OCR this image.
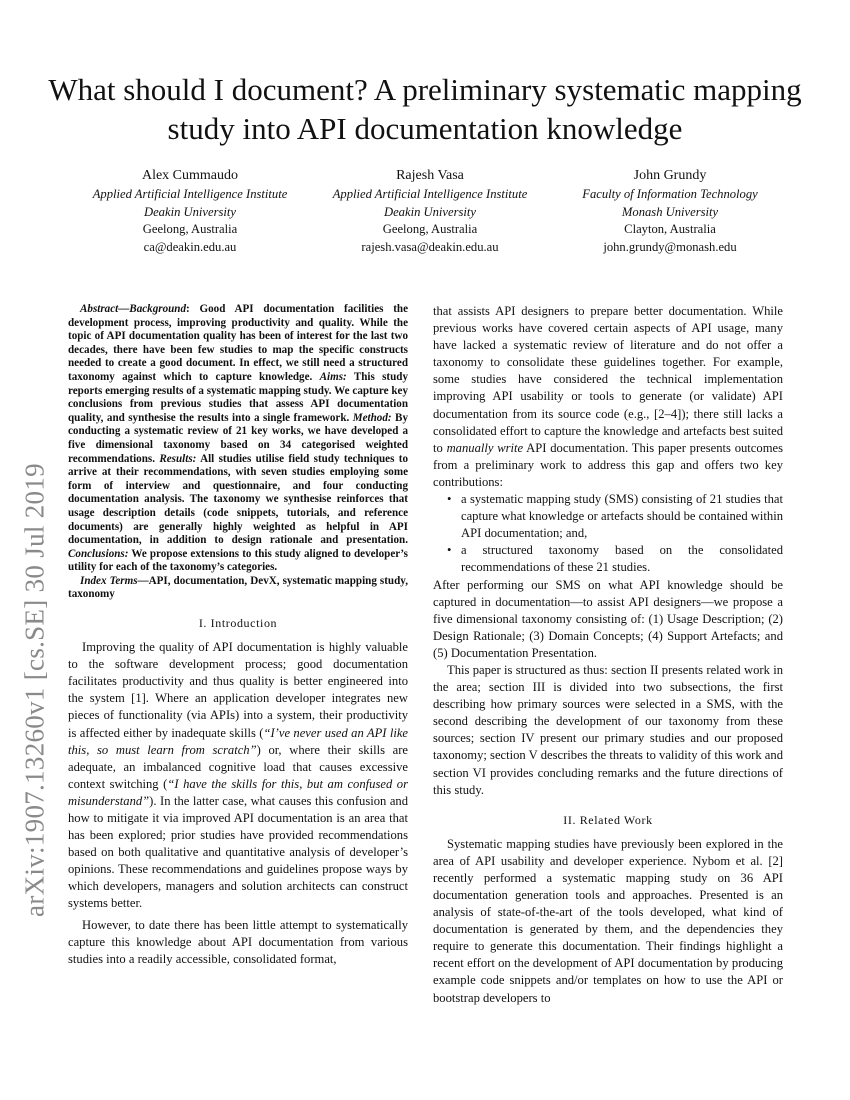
What should I document? A preliminary systematic mapping study into API documentation knowledge
Alex Cummaudo
Applied Artificial Intelligence Institute
Deakin University
Geelong, Australia
ca@deakin.edu.au
Rajesh Vasa
Applied Artificial Intelligence Institute
Deakin University
Geelong, Australia
rajesh.vasa@deakin.edu.au
John Grundy
Faculty of Information Technology
Monash University
Clayton, Australia
john.grundy@monash.edu
arXiv:1907.13260v1 [cs.SE] 30 Jul 2019

Abstract—Background: Good API documentation facilities the development process, improving productivity and quality. While the topic of API documentation quality has been of interest for the last two decades, there have been few studies to map the specific constructs needed to create a good document. In effect, we still need a structured taxonomy against which to capture knowledge. Aims: This study reports emerging results of a systematic mapping study. We capture key conclusions from previous studies that assess API documentation quality, and synthesise the results into a single framework. Method: By conducting a systematic review of 21 key works, we have developed a five dimensional taxonomy based on 34 categorised weighted recommendations. Results: All studies utilise field study techniques to arrive at their recommendations, with seven studies employing some form of interview and questionnaire, and four conducting documentation analysis. The taxonomy we synthesise reinforces that usage description details (code snippets, tutorials, and reference documents) are generally highly weighted as helpful in API documentation, in addition to design rationale and presentation. Conclusions: We propose extensions to this study aligned to developer’s utility for each of the taxonomy’s categories.

Index Terms—API, documentation, DevX, systematic mapping study, taxonomy

I. Introduction

Improving the quality of API documentation is highly valuable to the software development process; good documentation facilitates productivity and thus quality is better engineered into the system [1]. Where an application developer integrates new pieces of functionality (via APIs) into a system, their productivity is affected either by inadequate skills (“I’ve never used an API like this, so must learn from scratch”) or, where their skills are adequate, an imbalanced cognitive load that causes excessive context switching (“I have the skills for this, but am confused or misunderstand”). In the latter case, what causes this confusion and how to mitigate it via improved API documentation is an area that has been explored; prior studies have provided recommendations based on both qualitative and quantitative analysis of developer’s opinions. These recommendations and guidelines propose ways by which developers, managers and solution architects can construct systems better.

However, to date there has been little attempt to systematically capture this knowledge about API documentation from various studies into a readily accessible, consolidated format,

that assists API designers to prepare better documentation. While previous works have covered certain aspects of API usage, many have lacked a systematic review of literature and do not offer a taxonomy to consolidate these guidelines together. For example, some studies have considered the technical implementation improving API usability or tools to generate (or validate) API documentation from its source code (e.g., [2–4]); there still lacks a consolidated effort to capture the knowledge and artefacts best suited to manually write API documentation. This paper presents outcomes from a preliminary work to address this gap and offers two key contributions:

• a systematic mapping study (SMS) consisting of 21 studies that capture what knowledge or artefacts should be contained within API documentation; and,
• a structured taxonomy based on the consolidated recommendations of these 21 studies.

After performing our SMS on what API knowledge should be captured in documentation—to assist API designers—we propose a five dimensional taxonomy consisting of: (1) Usage Description; (2) Design Rationale; (3) Domain Concepts; (4) Support Artefacts; and (5) Documentation Presentation.

This paper is structured as thus: section II presents related work in the area; section III is divided into two subsections, the first describing how primary sources were selected in a SMS, with the second describing the development of our taxonomy from these sources; section IV present our primary studies and our proposed taxonomy; section V describes the threats to validity of this work and section VI provides concluding remarks and the future directions of this study.

II. Related Work

Systematic mapping studies have previously been explored in the area of API usability and developer experience. Nybom et al. [2] recently performed a systematic mapping study on 36 API documentation generation tools and approaches. Presented is an analysis of state-of-the-art of the tools developed, what kind of documentation is generated by them, and the dependencies they require to generate this documentation. Their findings highlight a recent effort on the development of API documentation by producing example code snippets and/or templates on how to use the API or bootstrap developers to
